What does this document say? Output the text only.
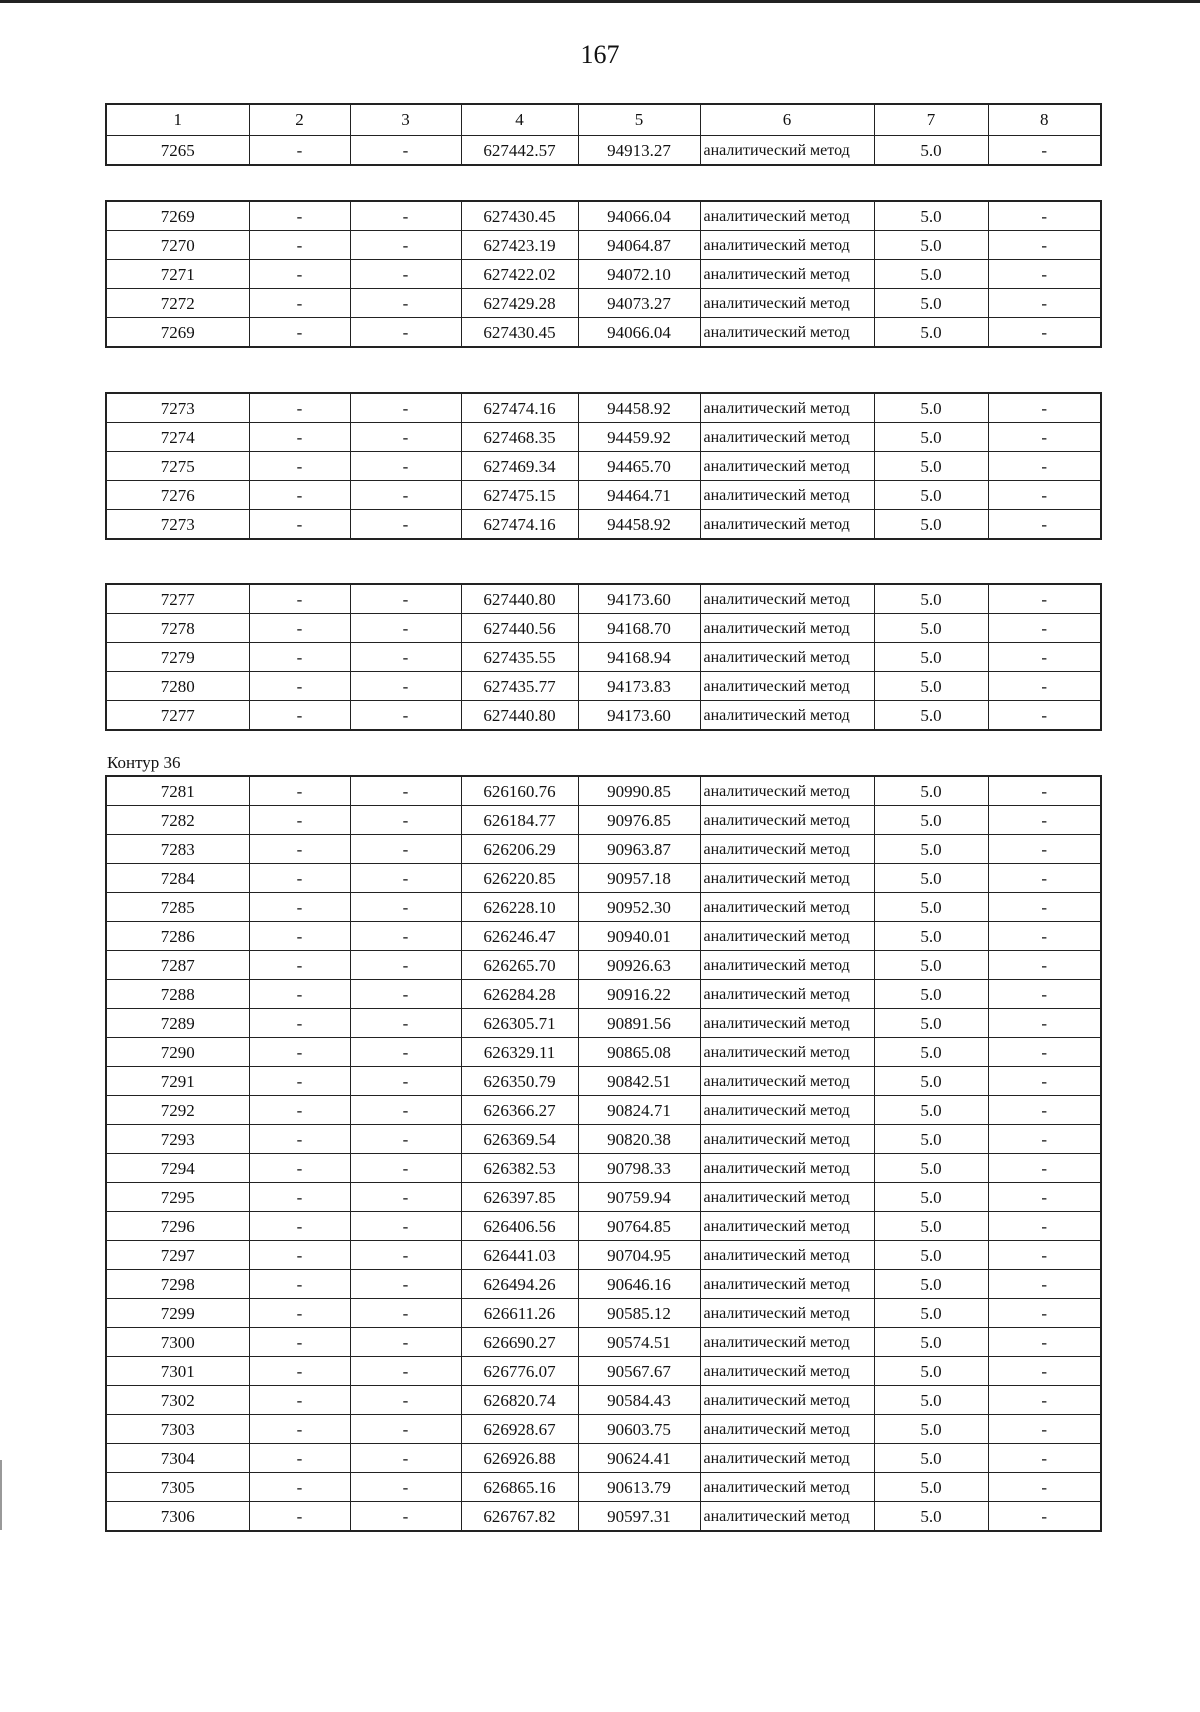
167
1	2	3	4	5	6	7	8
7265	-	-	627442.57	94913.27	аналитический метод	5.0	-
7269	-	-	627430.45	94066.04	аналитический метод	5.0	-
7270	-	-	627423.19	94064.87	аналитический метод	5.0	-
7271	-	-	627422.02	94072.10	аналитический метод	5.0	-
7272	-	-	627429.28	94073.27	аналитический метод	5.0	-
7269	-	-	627430.45	94066.04	аналитический метод	5.0	-
7273	-	-	627474.16	94458.92	аналитический метод	5.0	-
7274	-	-	627468.35	94459.92	аналитический метод	5.0	-
7275	-	-	627469.34	94465.70	аналитический метод	5.0	-
7276	-	-	627475.15	94464.71	аналитический метод	5.0	-
7273	-	-	627474.16	94458.92	аналитический метод	5.0	-
7277	-	-	627440.80	94173.60	аналитический метод	5.0	-
7278	-	-	627440.56	94168.70	аналитический метод	5.0	-
7279	-	-	627435.55	94168.94	аналитический метод	5.0	-
7280	-	-	627435.77	94173.83	аналитический метод	5.0	-
7277	-	-	627440.80	94173.60	аналитический метод	5.0	-
Контур 36
7281	-	-	626160.76	90990.85	аналитический метод	5.0	-
7282	-	-	626184.77	90976.85	аналитический метод	5.0	-
7283	-	-	626206.29	90963.87	аналитический метод	5.0	-
7284	-	-	626220.85	90957.18	аналитический метод	5.0	-
7285	-	-	626228.10	90952.30	аналитический метод	5.0	-
7286	-	-	626246.47	90940.01	аналитический метод	5.0	-
7287	-	-	626265.70	90926.63	аналитический метод	5.0	-
7288	-	-	626284.28	90916.22	аналитический метод	5.0	-
7289	-	-	626305.71	90891.56	аналитический метод	5.0	-
7290	-	-	626329.11	90865.08	аналитический метод	5.0	-
7291	-	-	626350.79	90842.51	аналитический метод	5.0	-
7292	-	-	626366.27	90824.71	аналитический метод	5.0	-
7293	-	-	626369.54	90820.38	аналитический метод	5.0	-
7294	-	-	626382.53	90798.33	аналитический метод	5.0	-
7295	-	-	626397.85	90759.94	аналитический метод	5.0	-
7296	-	-	626406.56	90764.85	аналитический метод	5.0	-
7297	-	-	626441.03	90704.95	аналитический метод	5.0	-
7298	-	-	626494.26	90646.16	аналитический метод	5.0	-
7299	-	-	626611.26	90585.12	аналитический метод	5.0	-
7300	-	-	626690.27	90574.51	аналитический метод	5.0	-
7301	-	-	626776.07	90567.67	аналитический метод	5.0	-
7302	-	-	626820.74	90584.43	аналитический метод	5.0	-
7303	-	-	626928.67	90603.75	аналитический метод	5.0	-
7304	-	-	626926.88	90624.41	аналитический метод	5.0	-
7305	-	-	626865.16	90613.79	аналитический метод	5.0	-
7306	-	-	626767.82	90597.31	аналитический метод	5.0	-
